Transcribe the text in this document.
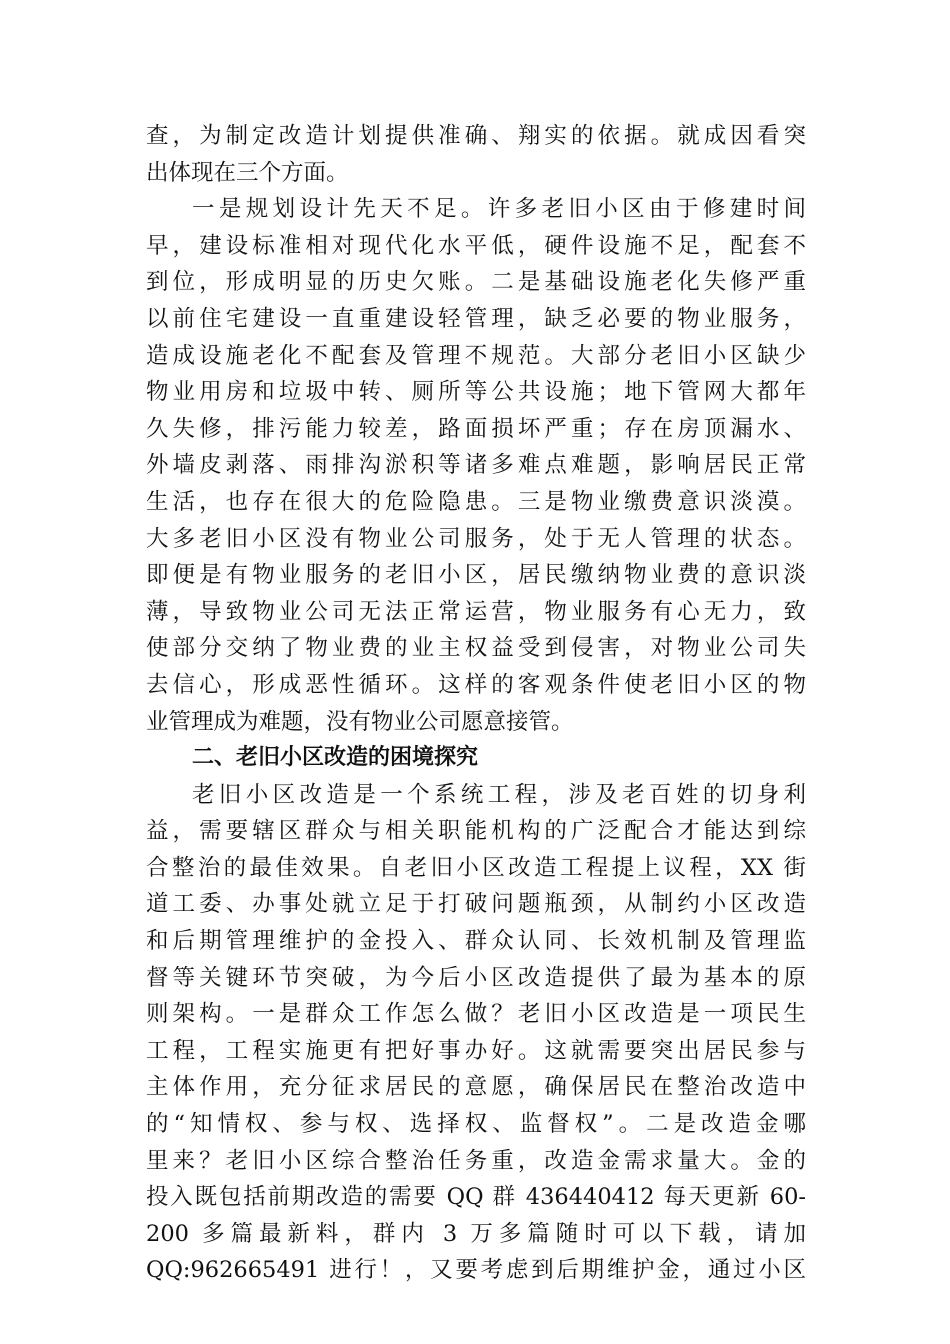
查，为制定改造计划提供准确、翔实的依据。就成因看突
出体现在三个方面。
一是规划设计先天不足。许多老旧小区由于修建时间
早，建设标准相对现代化水平低，硬件设施不足，配套不
到位，形成明显的历史欠账。二是基础设施老化失修严重
以前住宅建设一直重建设轻管理，缺乏必要的物业服务，
造成设施老化不配套及管理不规范。大部分老旧小区缺少
物业用房和垃圾中转、厕所等公共设施；地下管网大都年
久失修，排污能力较差，路面损坏严重；存在房顶漏水、
外墙皮剥落、雨排沟淤积等诸多难点难题，影响居民正常
生活，也存在很大的危险隐患。三是物业缴费意识淡漠。
大多老旧小区没有物业公司服务，处于无人管理的状态。
即便是有物业服务的老旧小区，居民缴纳物业费的意识淡
薄，导致物业公司无法正常运营，物业服务有心无力，致
使部分交纳了物业费的业主权益受到侵害，对物业公司失
去信心，形成恶性循环。这样的客观条件使老旧小区的物
业管理成为难题，没有物业公司愿意接管。
二、老旧小区改造的困境探究
老旧小区改造是一个系统工程，涉及老百姓的切身利
益，需要辖区群众与相关职能机构的广泛配合才能达到综
合整治的最佳效果。自老旧小区改造工程提上议程，XX 街
道工委、办事处就立足于打破问题瓶颈，从制约小区改造
和后期管理维护的金投入、群众认同、长效机制及管理监
督等关键环节突破，为今后小区改造提供了最为基本的原
则架构。一是群众工作怎么做？老旧小区改造是一项民生
工程，工程实施更有把好事办好。这就需要突出居民参与
主体作用，充分征求居民的意愿，确保居民在整治改造中
的“知情权、参与权、选择权、监督权”。二是改造金哪
里来？老旧小区综合整治任务重，改造金需求量大。金的
投入既包括前期改造的需要 QQ 群 436440412 每天更新 60-
200 多篇最新料，群内 3 万多篇随时可以下载，请加
QQ:962665491 进行！，又要考虑到后期维护金，通过小区
